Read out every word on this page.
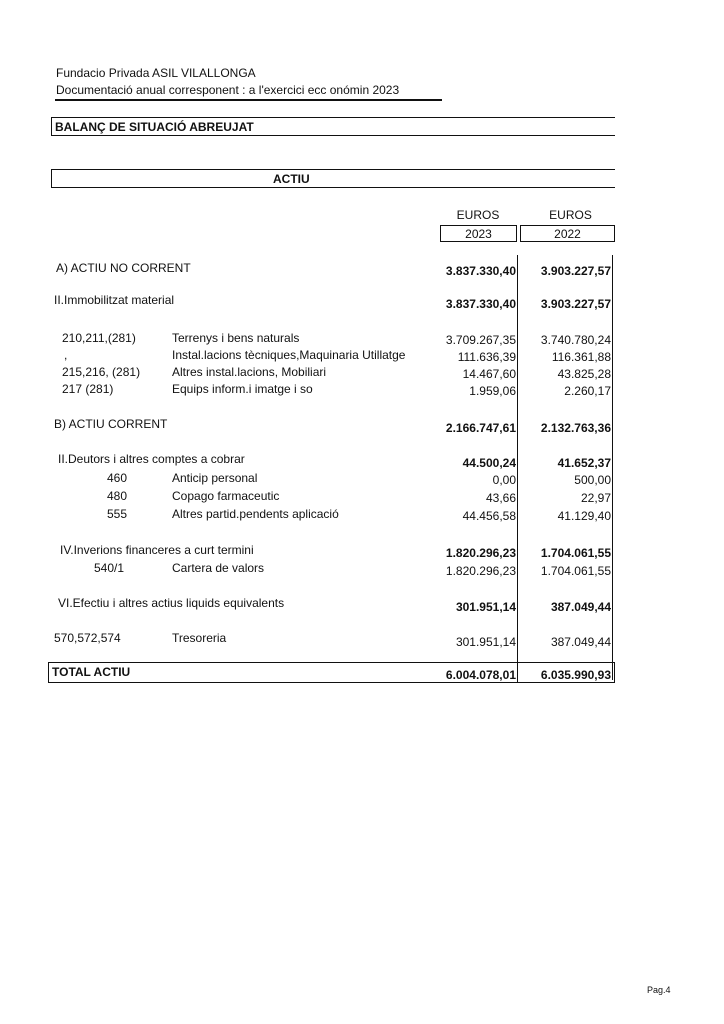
Fundacio Privada ASIL VILALLONGA
Documentació anual corresponent : a l'exercici ecc onómin 2023
BALANÇ DE SITUACIÓ ABREUJAT
ACTIU
EUROS	EUROS
2023	2022
A) ACTIU NO CORRENT	3.837.330,40	3.903.227,57
II.Immobilitzat material	3.837.330,40	3.903.227,57
210,211,(281)	Terrenys i bens naturals	3.709.267,35	3.740.780,24
,	Instal.lacions tècniques,Maquinaria Utillatge	111.636,39	116.361,88
215,216, (281)	Altres instal.lacions, Mobiliari	14.467,60	43.825,28
217 (281)	Equips inform.i imatge i so	1.959,06	2.260,17
B) ACTIU CORRENT	2.166.747,61	2.132.763,36
II.Deutors i altres comptes a cobrar	44.500,24	41.652,37
460	Anticip personal	0,00	500,00
480	Copago farmaceutic	43,66	22,97
555	Altres partid.pendents aplicació	44.456,58	41.129,40
IV.Inverions financeres a curt termini	1.820.296,23	1.704.061,55
540/1	Cartera de valors	1.820.296,23	1.704.061,55
VI.Efectiu i altres actius liquids equivalents	301.951,14	387.049,44
570,572,574	Tresoreria	301.951,14	387.049,44
TOTAL ACTIU	6.004.078,01	6.035.990,93
Pag.4
